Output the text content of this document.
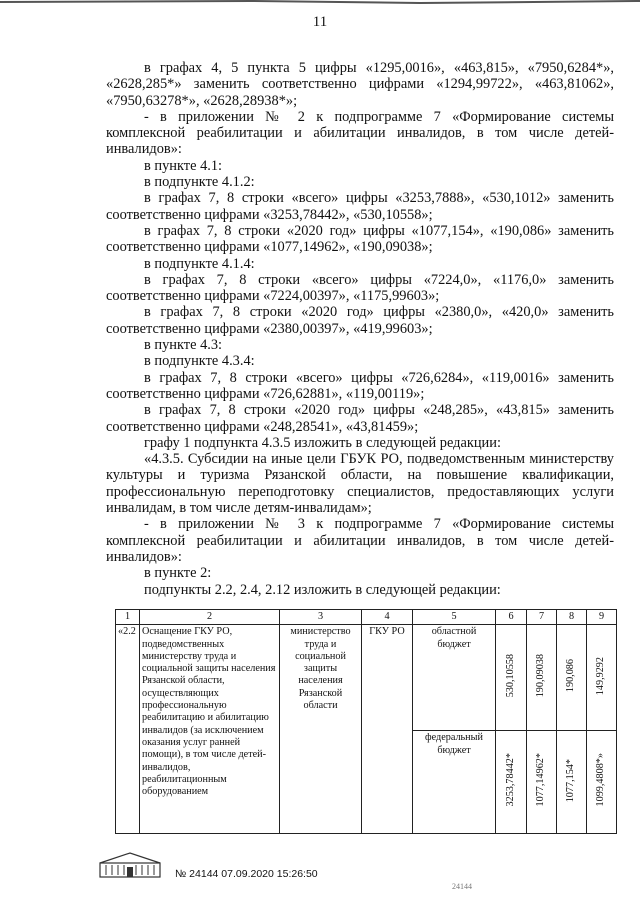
11

в графах 4, 5 пункта 5 цифры «1295,0016», «463,815», «7950,6284*», «2628,285*» заменить соответственно цифрами «1294,99722», «463,81062», «7950,63278*», «2628,28938*»;

- в приложении № 2 к подпрограмме 7 «Формирование системы комплексной реабилитации и абилитации инвалидов, в том числе детей-инвалидов»:

в пункте 4.1:

в подпункте 4.1.2:

в графах 7, 8 строки «всего» цифры «3253,7888», «530,1012» заменить соответственно цифрами «3253,78442», «530,10558»;

в графах 7, 8 строки «2020 год» цифры «1077,154», «190,086» заменить соответственно цифрами «1077,14962», «190,09038»;

в подпункте 4.1.4:

в графах 7, 8 строки «всего» цифры «7224,0», «1176,0» заменить соответственно цифрами «7224,00397», «1175,99603»;

в графах 7, 8 строки «2020 год» цифры «2380,0», «420,0» заменить соответственно цифрами «2380,00397», «419,99603»;

в пункте 4.3:

в подпункте 4.3.4:

в графах 7, 8 строки «всего» цифры «726,6284», «119,0016» заменить соответственно цифрами «726,62881», «119,00119»;

в графах 7, 8 строки «2020 год» цифры «248,285», «43,815» заменить соответственно цифрами «248,28541», «43,81459»;

графу 1 подпункта 4.3.5 изложить в следующей редакции:

«4.3.5. Субсидии на иные цели ГБУК РО, подведомственным министерству культуры и туризма Рязанской области, на повышение квалификации, профессиональную переподготовку специалистов, предоставляющих услуги инвалидам, в том числе детям-инвалидам»;

- в приложении № 3 к подпрограмме 7 «Формирование системы комплексной реабилитации и абилитации инвалидов, в том числе детей-инвалидов»:

в пункте 2:

подпункты 2.2, 2.4, 2.12 изложить в следующей редакции:

1	2	3	4	5	6	7	8	9
«2.2	Оснащение ГКУ РО, подведомственных министерству труда и социальной защиты населения Рязанской области, осуществляющих профессиональную реабилитацию и абилитацию инвалидов (за исключением оказания услуг ранней помощи), в том числе детей-инвалидов, реабилитационным оборудованием	министерство труда и социальной защиты населения Рязанской области	ГКУ РО	областной бюджет	530,10558	190,09038	190,086	149,9292
				федеральный бюджет	3253,78442*	1077,14962*	1077,154*	1099,4808*»
№ 24144 07.09.2020 15:26:50
24144
